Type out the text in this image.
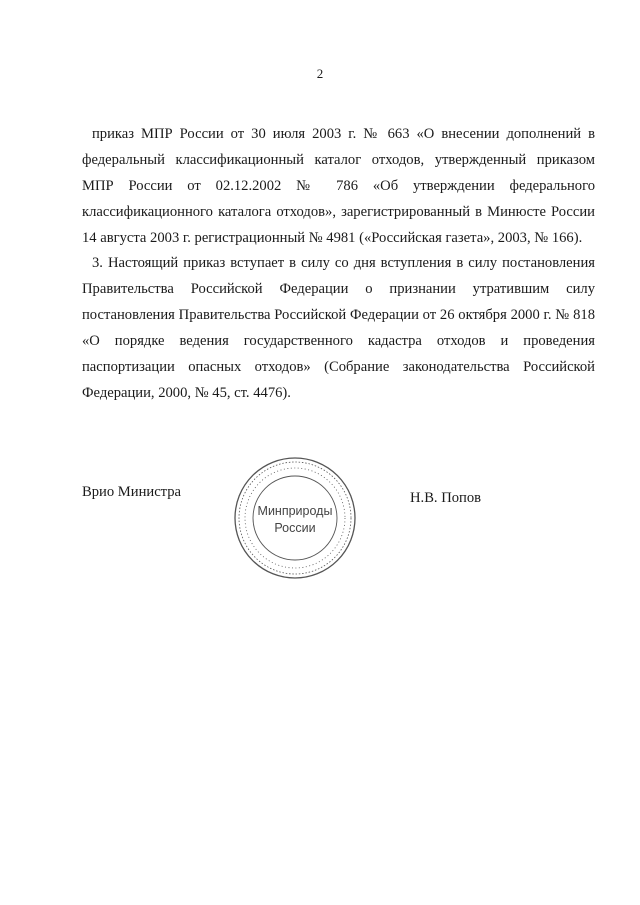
2

приказ МПР России от 30 июля 2003 г. № 663 «О внесении дополнений в федеральный классификационный каталог отходов, утвержденный приказом МПР России от 02.12.2002 № 786 «Об утверждении федерального классификационного каталога отходов», зарегистрированный в Минюсте России 14 августа 2003 г. регистрационный № 4981 («Российская газета», 2003, № 166).

3. Настоящий приказ вступает в силу со дня вступления в силу постановления Правительства Российской Федерации о признании утратившим силу постановления Правительства Российской Федерации от 26 октября 2000 г. № 818 «О порядке ведения государственного кадастра отходов и проведения паспортизации опасных отходов» (Собрание законодательства Российской Федерации, 2000, № 45, ст. 4476).

Врио Министра
Минприроды
России
Н.В. Попов
